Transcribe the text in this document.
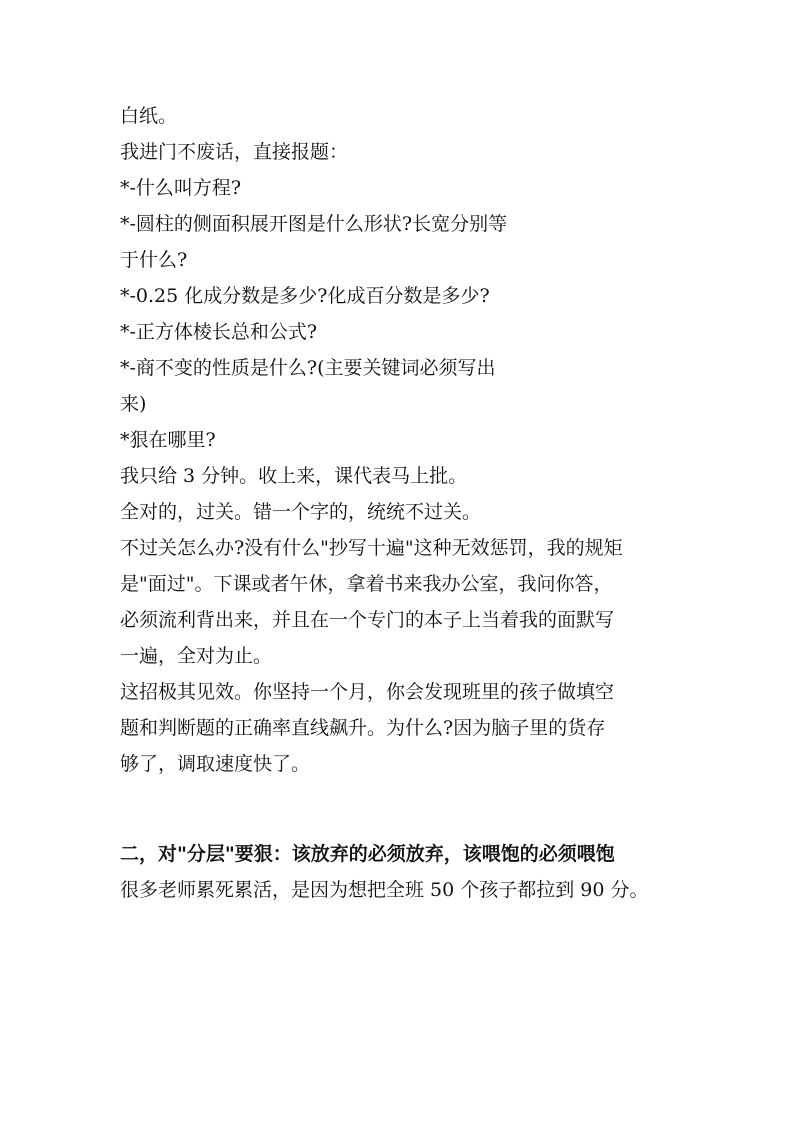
白纸。
我进门不废话，直接报题：
*-什么叫方程?
*-圆柱的侧面积展开图是什么形状?长宽分别等
于什么?
*-0.25 化成分数是多少?化成百分数是多少?
*-正方体棱长总和公式?
*-商不变的性质是什么?(主要关键词必须写出
来)
*狠在哪里?
我只给 3 分钟。收上来，课代表马上批。
全对的，过关。错一个字的，统统不过关。
不过关怎么办?没有什么"抄写十遍"这种无效惩罚，我的规矩
是"面过"。下课或者午休，拿着书来我办公室，我问你答，
必须流利背出来，并且在一个专门的本子上当着我的面默写
一遍，全对为止。
这招极其见效。你坚持一个月，你会发现班里的孩子做填空
题和判断题的正确率直线飙升。为什么?因为脑子里的货存
够了，调取速度快了。
二，对"分层"要狠：该放弃的必须放弃，该喂饱的必须喂饱
很多老师累死累活，是因为想把全班 50 个孩子都拉到 90 分。
